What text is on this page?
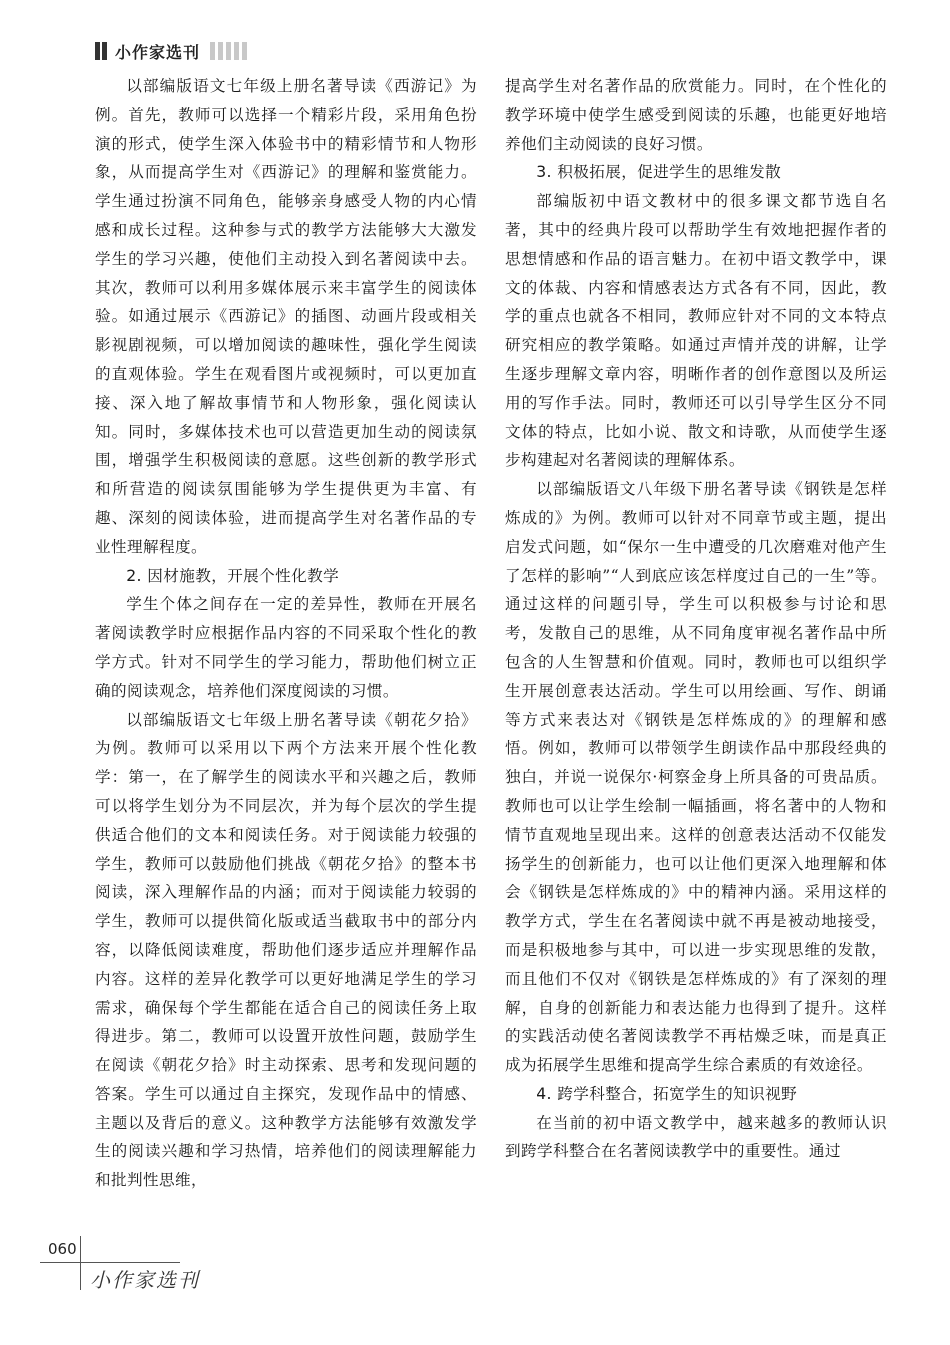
小作家选刊

以部编版语文七年级上册名著导读《西游记》为例。首先，教师可以选择一个精彩片段，采用角色扮演的形式，使学生深入体验书中的精彩情节和人物形象，从而提高学生对《西游记》的理解和鉴赏能力。学生通过扮演不同角色，能够亲身感受人物的内心情感和成长过程。这种参与式的教学方法能够大大激发学生的学习兴趣，使他们主动投入到名著阅读中去。其次，教师可以利用多媒体展示来丰富学生的阅读体验。如通过展示《西游记》的插图、动画片段或相关影视剧视频，可以增加阅读的趣味性，强化学生阅读的直观体验。学生在观看图片或视频时，可以更加直接、深入地了解故事情节和人物形象，强化阅读认知。同时，多媒体技术也可以营造更加生动的阅读氛围，增强学生积极阅读的意愿。这些创新的教学形式和所营造的阅读氛围能够为学生提供更为丰富、有趣、深刻的阅读体验，进而提高学生对名著作品的专业性理解程度。

2. 因材施教，开展个性化教学

学生个体之间存在一定的差异性，教师在开展名著阅读教学时应根据作品内容的不同采取个性化的教学方式。针对不同学生的学习能力，帮助他们树立正确的阅读观念，培养他们深度阅读的习惯。

以部编版语文七年级上册名著导读《朝花夕拾》为例。教师可以采用以下两个方法来开展个性化教学：第一，在了解学生的阅读水平和兴趣之后，教师可以将学生划分为不同层次，并为每个层次的学生提供适合他们的文本和阅读任务。对于阅读能力较强的学生，教师可以鼓励他们挑战《朝花夕拾》的整本书阅读，深入理解作品的内涵；而对于阅读能力较弱的学生，教师可以提供简化版或适当截取书中的部分内容，以降低阅读难度，帮助他们逐步适应并理解作品内容。这样的差异化教学可以更好地满足学生的学习需求，确保每个学生都能在适合自己的阅读任务上取得进步。第二，教师可以设置开放性问题，鼓励学生在阅读《朝花夕拾》时主动探索、思考和发现问题的答案。学生可以通过自主探究，发现作品中的情感、主题以及背后的意义。这种教学方法能够有效激发学生的阅读兴趣和学习热情，培养他们的阅读理解能力和批判性思维，

提高学生对名著作品的欣赏能力。同时，在个性化的教学环境中使学生感受到阅读的乐趣，也能更好地培养他们主动阅读的良好习惯。

3. 积极拓展，促进学生的思维发散

部编版初中语文教材中的很多课文都节选自名著，其中的经典片段可以帮助学生有效地把握作者的思想情感和作品的语言魅力。在初中语文教学中，课文的体裁、内容和情感表达方式各有不同，因此，教学的重点也就各不相同，教师应针对不同的文本特点研究相应的教学策略。如通过声情并茂的讲解，让学生逐步理解文章内容，明晰作者的创作意图以及所运用的写作手法。同时，教师还可以引导学生区分不同文体的特点，比如小说、散文和诗歌，从而使学生逐步构建起对名著阅读的理解体系。

以部编版语文八年级下册名著导读《钢铁是怎样炼成的》为例。教师可以针对不同章节或主题，提出启发式问题，如“保尔一生中遭受的几次磨难对他产生了怎样的影响”“人到底应该怎样度过自己的一生”等。通过这样的问题引导，学生可以积极参与讨论和思考，发散自己的思维，从不同角度审视名著作品中所包含的人生智慧和价值观。同时，教师也可以组织学生开展创意表达活动。学生可以用绘画、写作、朗诵等方式来表达对《钢铁是怎样炼成的》的理解和感悟。例如，教师可以带领学生朗读作品中那段经典的独白，并说一说保尔·柯察金身上所具备的可贵品质。教师也可以让学生绘制一幅插画，将名著中的人物和情节直观地呈现出来。这样的创意表达活动不仅能发扬学生的创新能力，也可以让他们更深入地理解和体会《钢铁是怎样炼成的》中的精神内涵。采用这样的教学方式，学生在名著阅读中就不再是被动地接受，而是积极地参与其中，可以进一步实现思维的发散，而且他们不仅对《钢铁是怎样炼成的》有了深刻的理解，自身的创新能力和表达能力也得到了提升。这样的实践活动使名著阅读教学不再枯燥乏味，而是真正成为拓展学生思维和提高学生综合素质的有效途径。

4. 跨学科整合，拓宽学生的知识视野

在当前的初中语文教学中，越来越多的教师认识到跨学科整合在名著阅读教学中的重要性。通过

060
小作家选刊
